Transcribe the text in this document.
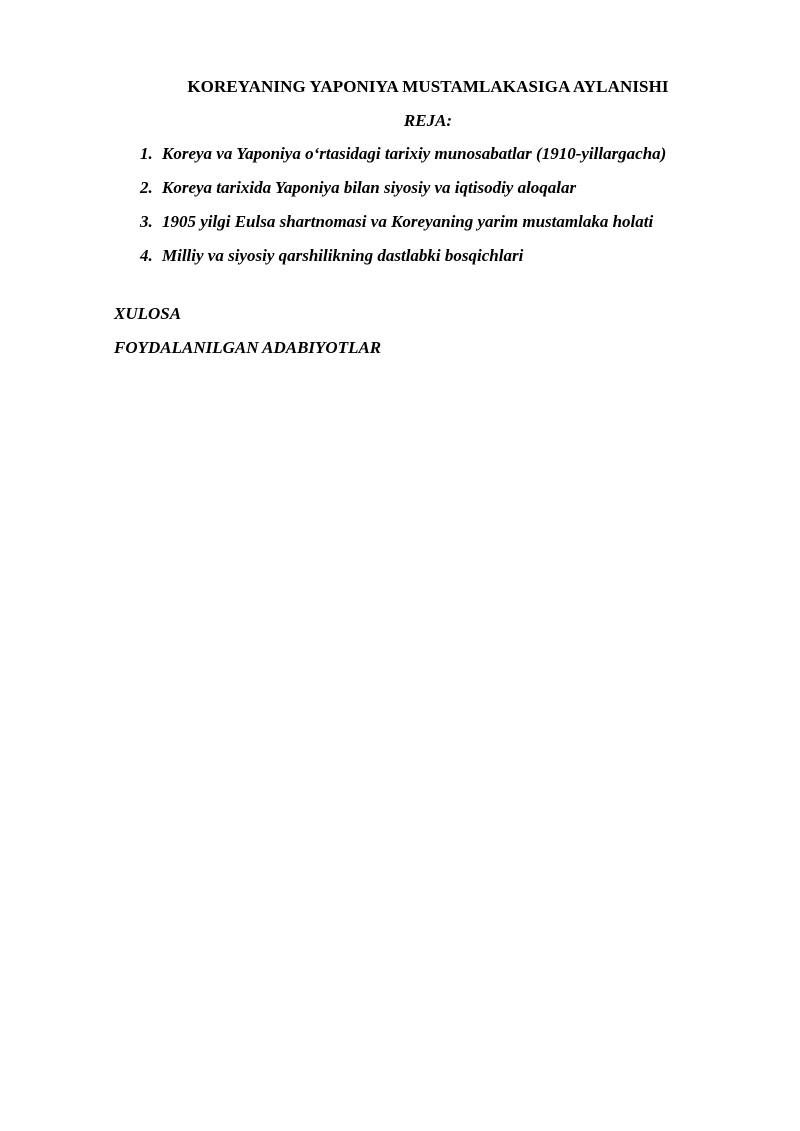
KOREYANING YAPONIYA MUSTAMLAKASIGA AYLANISHI
REJA:
1. Koreya va Yaponiya o‘rtasidagi tarixiy munosabatlar (1910-yillargacha)
2. Koreya tarixida Yaponiya bilan siyosiy va iqtisodiy aloqalar
3. 1905 yilgi Eulsa shartnomasi va Koreyaning yarim mustamlaka holati
4. Milliy va siyosiy qarshilikning dastlabki bosqichlari
XULOSA
FOYDALANILGAN ADABIYOTLAR
